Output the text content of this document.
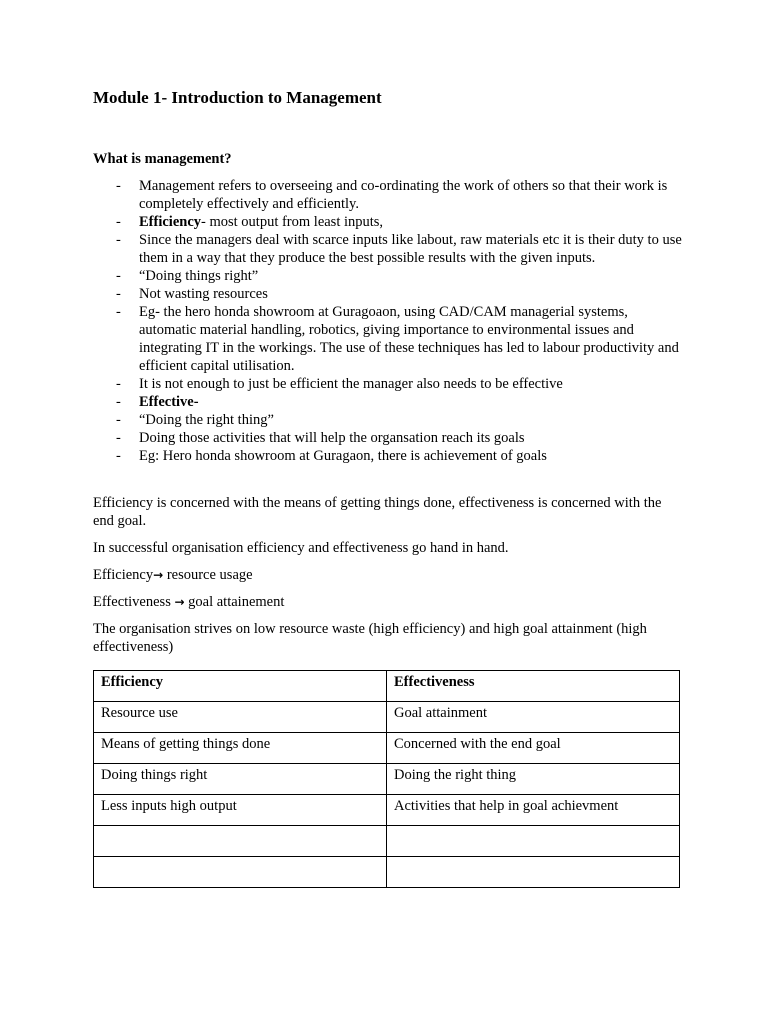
Module 1- Introduction to Management

What is management?

- Management refers to overseeing and co-ordinating the work of others so that their work is completely effectively and efficiently.
- Efficiency- most output from least inputs,
- Since the managers deal with scarce inputs like labout, raw materials etc it is their duty to use them in a way that they produce the best possible results with the given inputs.
- “Doing things right”
- Not wasting resources
- Eg- the hero honda showroom at Guragoaon, using CAD/CAM managerial systems, automatic material handling, robotics, giving importance to environmental issues and integrating IT in the workings. The use of these techniques has led to labour productivity and efficient capital utilisation.
- It is not enough to just be efficient the manager also needs to be effective
- Effective-
- “Doing the right thing”
- Doing those activities that will help the organsation reach its goals
- Eg: Hero honda showroom at Guragaon, there is achievement of goals

Efficiency is concerned with the means of getting things done, effectiveness is concerned with the end goal.

In successful organisation efficiency and effectiveness go hand in hand.

Efficiency→ resource usage

Effectiveness → goal attainement

The organisation strives on low resource waste (high efficiency) and high goal attainment (high effectiveness)

Efficiency	Effectiveness
Resource use	Goal attainment
Means of getting things done	Concerned with the end goal
Doing things right	Doing the right thing
Less inputs high output	Activities that help in goal achievment
